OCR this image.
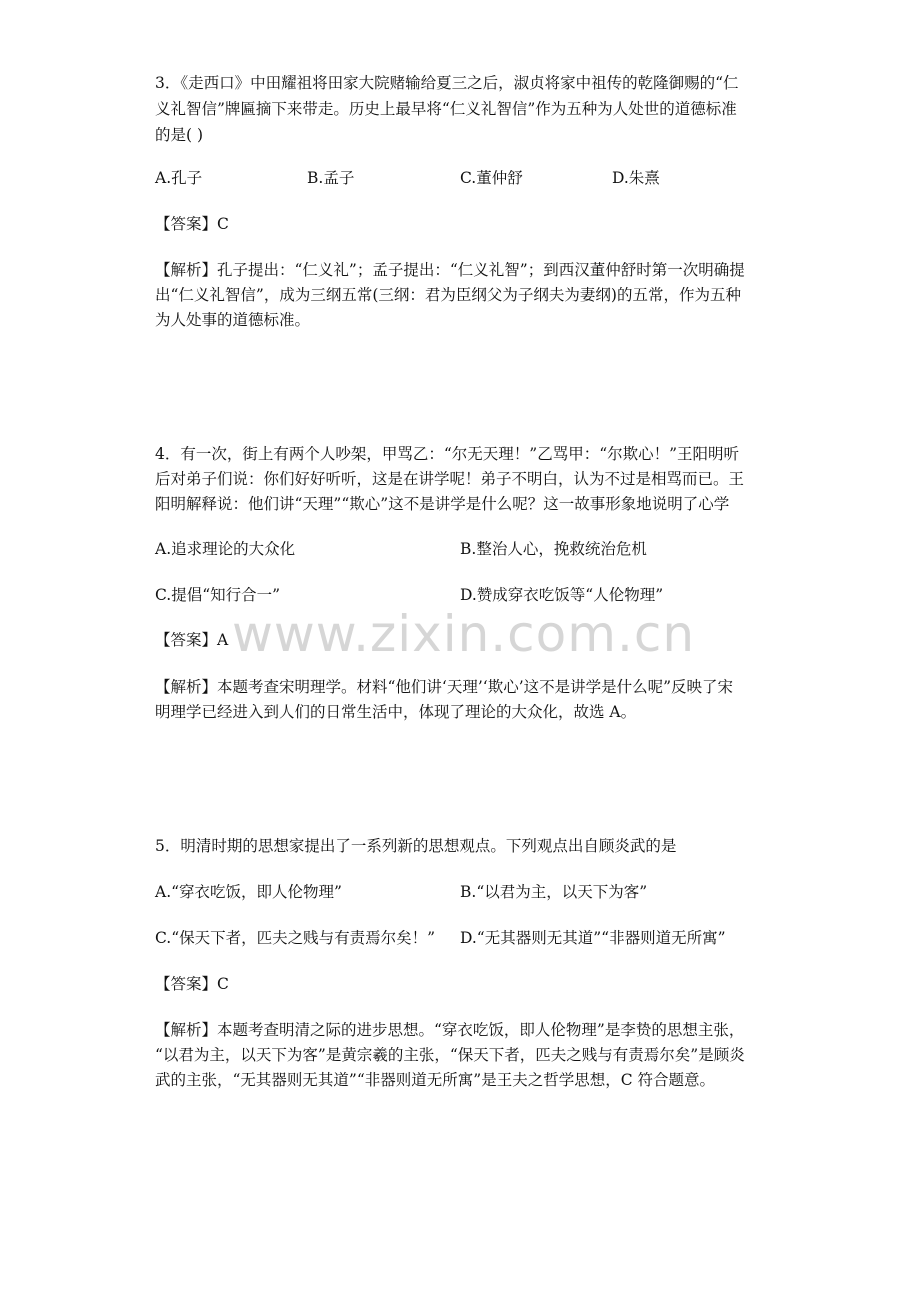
3．《走西口》中田耀祖将田家大院赌输给夏三之后，淑贞将家中祖传的乾隆御赐的“仁
义礼智信”牌匾摘下来带走。历史上最早将“仁义礼智信”作为五种为人处世的道德标准
的是( )
A.孔子	B.孟子	C.董仲舒	D.朱熹
【答案】C
【解析】孔子提出：“仁义礼”；孟子提出：“仁义礼智”；到西汉董仲舒时第一次明确提
出“仁义礼智信”，成为三纲五常(三纲：君为臣纲父为子纲夫为妻纲)的五常，作为五种
为人处事的道德标准。
4．有一次，街上有两个人吵架，甲骂乙：“尔无天理！”乙骂甲：“尔欺心！”王阳明听
后对弟子们说：你们好好听听，这是在讲学呢！弟子不明白，认为不过是相骂而已。王
阳明解释说：他们讲“天理”“欺心”这不是讲学是什么呢？这一故事形象地说明了心学
A.追求理论的大众化	B.整治人心，挽救统治危机
C.提倡“知行合一”	D.赞成穿衣吃饭等“人伦物理”
【答案】A
【解析】本题考查宋明理学。材料“他们讲‘天理’‘欺心’这不是讲学是什么呢”反映了宋
明理学已经进入到人们的日常生活中，体现了理论的大众化，故选 A。
5．明清时期的思想家提出了一系列新的思想观点。下列观点出自顾炎武的是
A.“穿衣吃饭，即人伦物理”	B.“以君为主，以天下为客”
C.“保天下者，匹夫之贱与有责焉尔矣！” D.“无其器则无其道”“非器则道无所寓”
【答案】C
【解析】本题考查明清之际的进步思想。“穿衣吃饭，即人伦物理”是李贽的思想主张，
“以君为主，以天下为客”是黄宗羲的主张，“保天下者，匹夫之贱与有责焉尔矣”是顾炎
武的主张，“无其器则无其道”“非器则道无所寓”是王夫之哲学思想，C 符合题意。
www.zixin.com.cn
